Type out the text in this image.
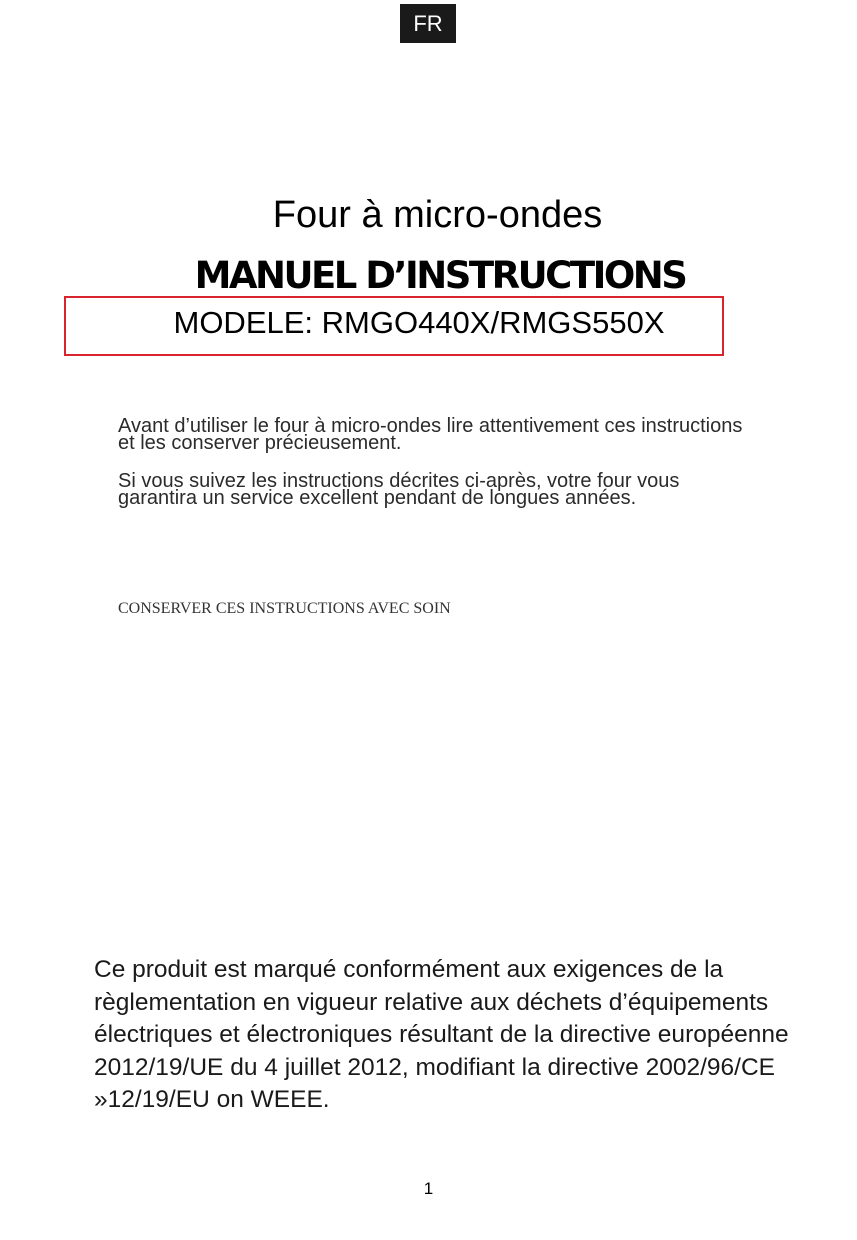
FR
Four à micro-ondes
MANUEL D’INSTRUCTIONS
MODELE: RMGO440X/RMGS550X

Avant d’utiliser le four à micro-ondes lire attentivement ces instructions et les conserver précieusement.

Si vous suivez les instructions décrites ci-après, votre four vous garantira un service excellent pendant de longues années.

CONSERVER CES INSTRUCTIONS AVEC SOIN

Ce produit est marqué conformément aux exigences de la règlementation en vigueur relative aux déchets d’équipements électriques et électroniques résultant de la directive européenne 2012/19/UE du 4 juillet 2012, modifiant la directive 2002/96/CE »12/19/EU on WEEE.

1
